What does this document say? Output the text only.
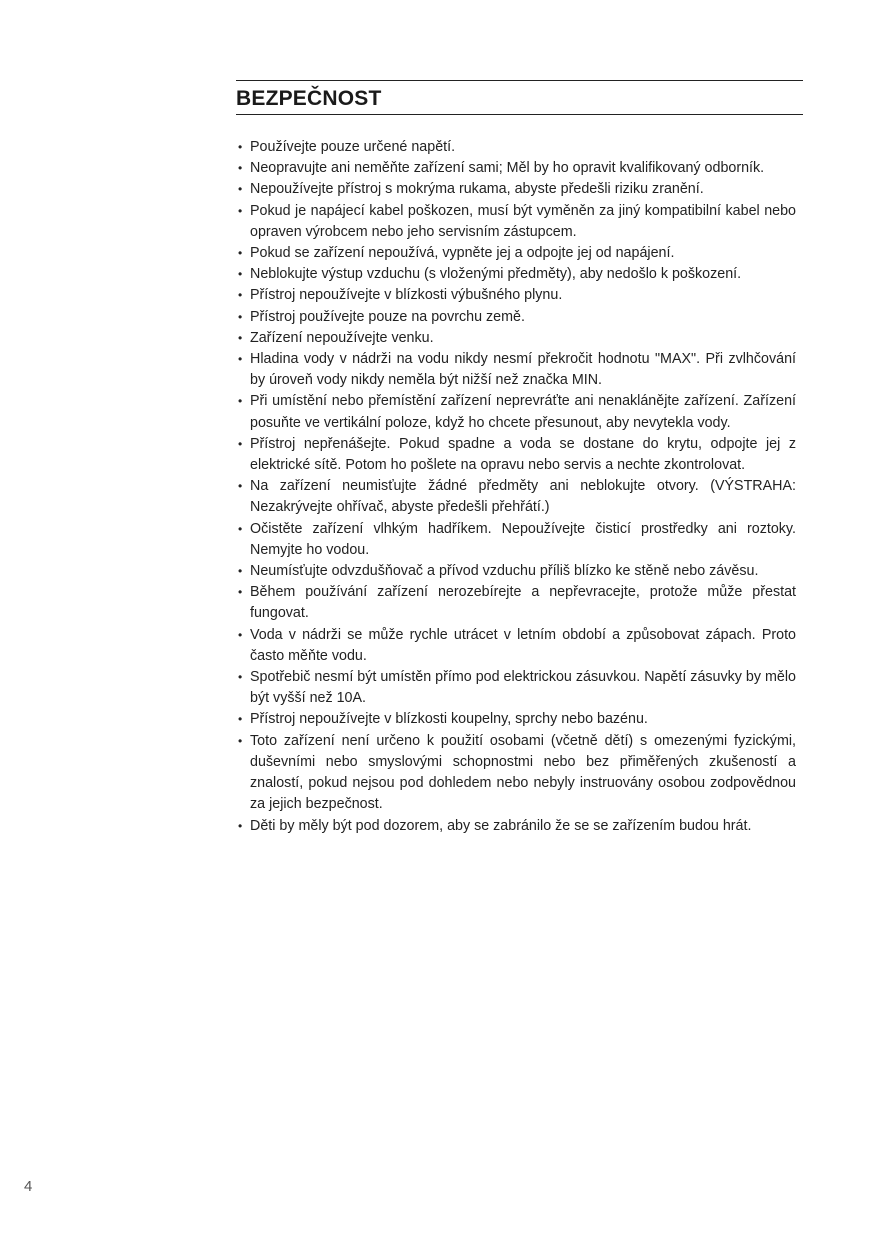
BEZPEČNOST
• Používejte pouze určené napětí.
• Neopravujte ani neměňte zařízení sami; Měl by ho opravit kvalifikovaný odborník.
• Nepoužívejte přístroj s mokrýma rukama, abyste předešli riziku zranění.
• Pokud je napájecí kabel poškozen, musí být vyměněn za jiný kompatibilní kabel nebo opraven výrobcem nebo jeho servisním zástupcem.
• Pokud se zařízení nepoužívá, vypněte jej a odpojte jej od napájení.
• Neblokujte výstup vzduchu (s vloženými předměty), aby nedošlo k poškození.
• Přístroj nepoužívejte v blízkosti výbušného plynu.
• Přístroj používejte pouze na povrchu země.
• Zařízení nepoužívejte venku.
• Hladina vody v nádrži na vodu nikdy nesmí překročit hodnotu "MAX". Při zvlhčování by úroveň vody nikdy neměla být nižší než značka MIN.
• Při umístění nebo přemístění zařízení neprevráťte ani nenaklánějte zařízení. Zařízení posuňte ve vertikální poloze, když ho chcete přesunout, aby nevytekla vody.
• Přístroj nepřenášejte. Pokud spadne a voda se dostane do krytu, odpojte jej z elektrické sítě. Potom ho pošlete na opravu nebo servis a nechte zkontrolovat.
• Na zařízení neumisťujte žádné předměty ani neblokujte otvory. (VÝSTRAHA: Nezakrývejte ohřívač, abyste předešli přehřátí.)
• Očistěte zařízení vlhkým hadříkem. Nepoužívejte čisticí prostředky ani roztoky. Nemyjte ho vodou.
• Neumísťujte odvzdušňovač a přívod vzduchu příliš blízko ke stěně nebo závěsu.
• Během používání zařízení nerozebírejte a nepřevracejte, protože může přestat fungovat.
• Voda v nádrži se může rychle utrácet v letním období a způsobovat zápach. Proto často měňte vodu.
• Spotřebič nesmí být umístěn přímo pod elektrickou zásuvkou. Napětí zásuvky by mělo být vyšší než 10A.
• Přístroj nepoužívejte v blízkosti koupelny, sprchy nebo bazénu.
• Toto zařízení není určeno k použití osobami (včetně dětí) s omezenými fyzickými, duševními nebo smyslovými schopnostmi nebo bez přiměřených zkušeností a znalostí, pokud nejsou pod dohledem nebo nebyly instruovány osobou zodpovědnou za jejich bezpečnost.
• Děti by měly být pod dozorem, aby se zabránilo že se se zařízením budou hrát.
4
